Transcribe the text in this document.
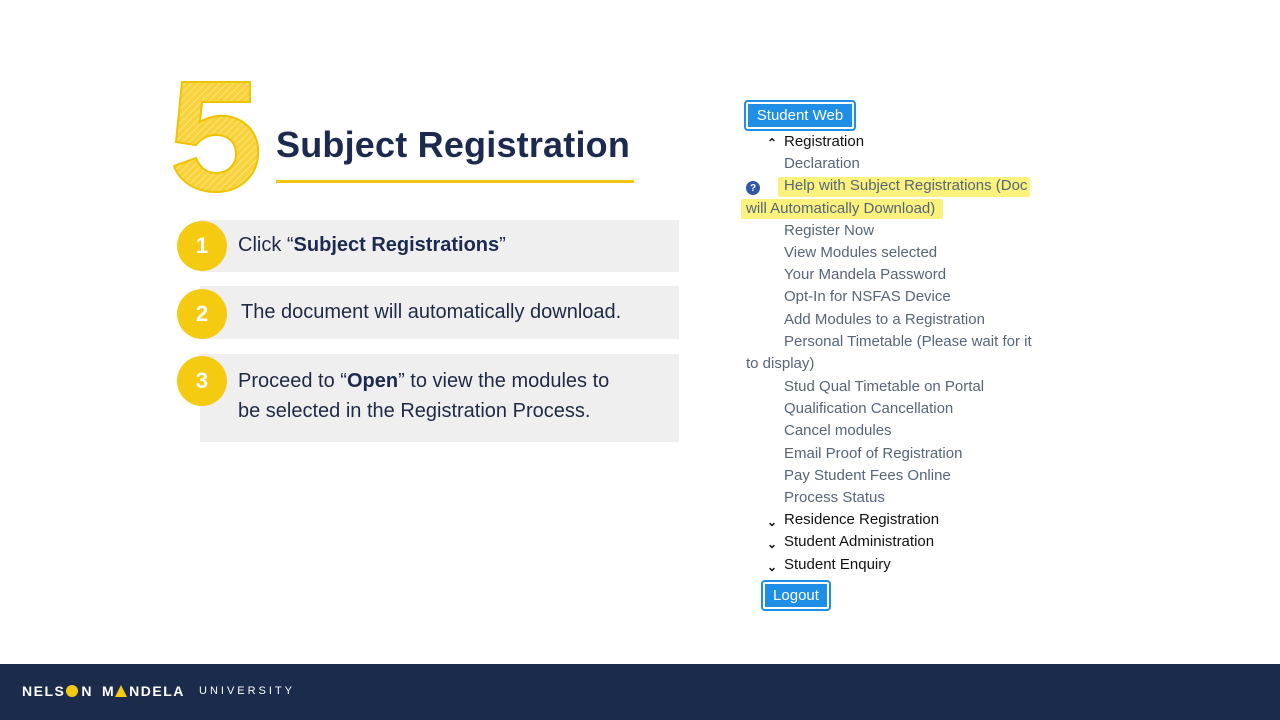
Subject Registration
1
2
3
Click “Subject Registrations”
The document will automatically download.
Proceed to “Open” to view the modules to
be selected in the Registration Process.
Student Web
⌃ Registration
Declaration
? Help with Subject Registrations (Doc
will Automatically Download)
Register Now
View Modules selected
Your Mandela Password
Opt-In for NSFAS Device
Add Modules to a Registration
Personal Timetable (Please wait for it
to display)
Stud Qual Timetable on Portal
Qualification Cancellation
Cancel modules
Email Proof of Registration
Pay Student Fees Online
Process Status
⌄ Residence Registration
⌄ Student Administration
⌄ Student Enquiry
Logout
NELS N M NDELA UNIVERSITY
